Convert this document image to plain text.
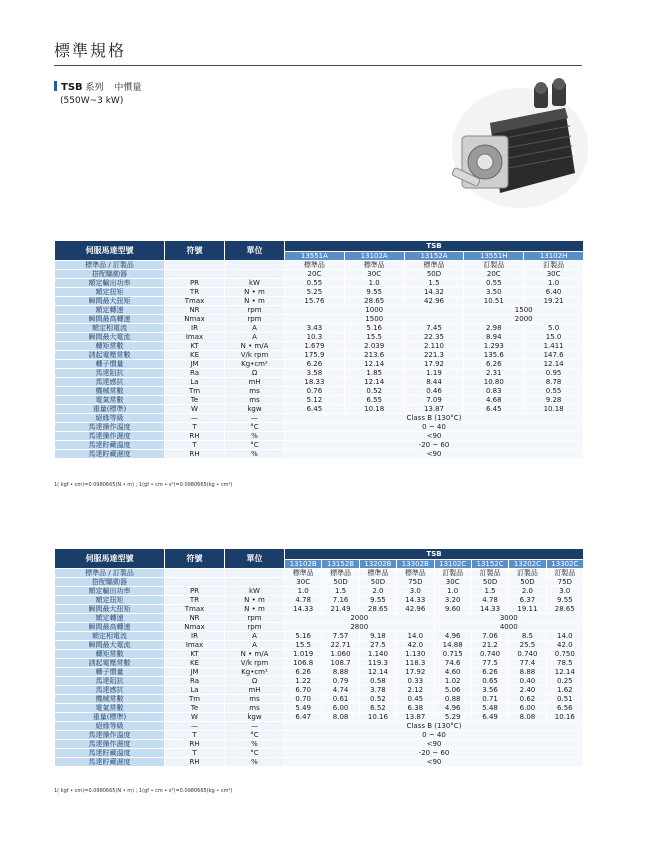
標準規格
TSB 系列 中慣量
(550W~3 kW)
伺服馬達型號	符號	單位	TSB				
			13551A	13102A	13152A	13551H	13102H
標準品 / 訂製品			標準品	標準品	標準品	訂製品	訂製品
搭配驅動器			20C	30C	50D	20C	30C
額定輸出功率	PR	kW	0.55	1.0	1.5	0.55	1.0
額定扭矩	TR	N • m	5.25	9.55	14.32	3.50	6.40
瞬間最大扭矩	Tmax	N • m	15.76	28.65	42.96	10.51	19.21
額定轉速	NR	rpm	1000			1500	
瞬間最高轉速	Nmax	rpm	1500			2000	
額定相電流	IR	A	3.43	5.16	7.45	2.98	5.0
瞬間最大電流	Imax	A	10.3	15.5	22.35	8.94	15.0
轉矩常數	KT	N • m/A	1.679	2.039	2.110	1.293	1.411
誘起電壓常數	KE	V/k rpm	175.9	213.6	221.3	135.6	147.6
轉子慣量	JM	Kg•cm²	6.26	12.14	17.92	6.26	12.14
馬達阻抗	Ra	Ω	3.58	1.85	1.19	2.31	0.95
馬達感抗	La	mH	18.33	12.14	8.44	10.80	8.78
機械常數	Tm	ms	0.76	0.52	0.46	0.83	0.55
電氣常數	Te	ms	5.12	6.55	7.09	4.68	9.28
重量(標準)	W	kgw	6.45	10.18	13.87	6.45	10.18
絕緣等級	—	—	Class B (130°C)				
馬達操作溫度	T	°C	0 ~ 40				
馬達操作濕度	RH	%	<90				
馬達貯藏溫度	T	°C	-20 ~ 60				
馬達貯藏濕度	RH	%	<90				
1( kgf • cm)=0.0980665(N • m) ; 1(gf • cm • s²)=0.0980665(kg • cm²)
伺服馬達型號	符號	單位	TSB							
			13102B	13152B	13202B	13302B	13102C	13152C	13202C	13302C
標準品 / 訂製品			標準品	標準品	標準品	標準品	訂製品	訂製品	訂製品	訂製品
搭配驅動器			30C	50D	50D	75D	30C	50D	50D	75D
額定輸出功率	PR	kW	1.0	1.5	2.0	3.0	1.0	1.5	2.0	3.0
額定扭矩	TR	N • m	4.78	7.16	9.55	14.33	3.20	4.78	6.37	9.55
瞬間最大扭矩	Tmax	N • m	14.33	21.49	28.65	42.96	9.60	14.33	19.11	28.65
額定轉速	NR	rpm	2000				3000			
瞬間最高轉速	Nmax	rpm	2800				4000			
額定相電流	IR	A	5.16	7.57	9.18	14.0	4.96	7.06	8.5	14.0
瞬間最大電流	Imax	A	15.5	22.71	27.5	42.0	14.88	21.2	25.5	42.0
轉矩常數	KT	N • m/A	1.019	1.060	1.140	1.130	0.715	0.740	0.740	0.750
誘起電壓常數	KE	V/k rpm	106.8	108.7	119.3	118.3	74.6	77.5	77.4	78.5
轉子慣量	JM	Kg•cm²	6.26	8.88	12.14	17.92	4.60	6.26	8.88	12.14
馬達阻抗	Ra	Ω	1.22	0.79	0.58	0.33	1.02	0.65	0.40	0.25
馬達感抗	La	mH	6.70	4.74	3.78	2.12	5.06	3.56	2.40	1.62
機械常數	Tm	ms	0.70	0.61	0.52	0.45	0.88	0.71	0.62	0.51
電氣常數	Te	ms	5.49	6.00	6.52	6.38	4.96	5.48	6.00	6.56
重量(標準)	W	kgw	6.47	8.08	10.16	13.87	5.29	6.49	8.08	10.16
絕緣等級	—	—	Class B (130°C)							
馬達操作溫度	T	°C	0 ~ 40							
馬達操作濕度	RH	%	<90							
馬達貯藏溫度	T	°C	-20 ~ 60							
馬達貯藏濕度	RH	%	<90							
1( kgf • cm)=0.0980665(N • m) ; 1(gf • cm • s²)=0.0980665(kg • cm²)
